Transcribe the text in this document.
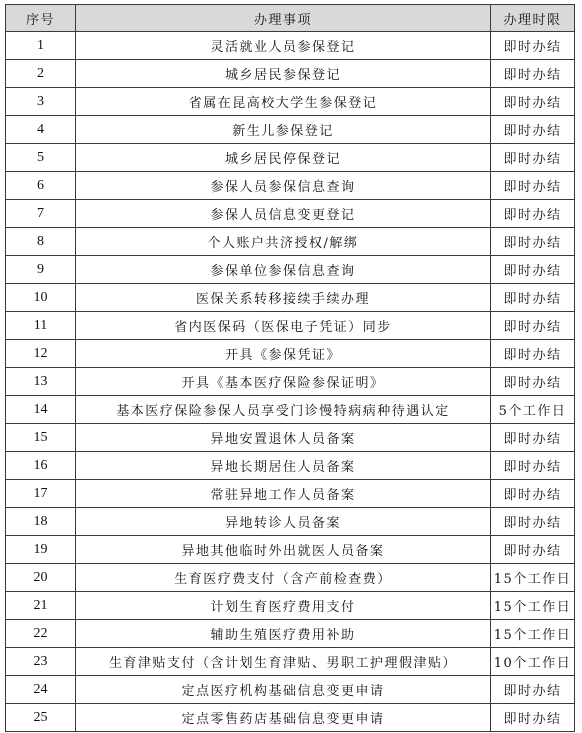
序号	办理事项	办理时限
1	灵活就业人员参保登记	即时办结
2	城乡居民参保登记	即时办结
3	省属在昆高校大学生参保登记	即时办结
4	新生儿参保登记	即时办结
5	城乡居民停保登记	即时办结
6	参保人员参保信息查询	即时办结
7	参保人员信息变更登记	即时办结
8	个人账户共济授权/解绑	即时办结
9	参保单位参保信息查询	即时办结
10	医保关系转移接续手续办理	即时办结
11	省内医保码（医保电子凭证）同步	即时办结
12	开具《参保凭证》	即时办结
13	开具《基本医疗保险参保证明》	即时办结
14	基本医疗保险参保人员享受门诊慢特病病种待遇认定	5个工作日
15	异地安置退休人员备案	即时办结
16	异地长期居住人员备案	即时办结
17	常驻异地工作人员备案	即时办结
18	异地转诊人员备案	即时办结
19	异地其他临时外出就医人员备案	即时办结
20	生育医疗费支付（含产前检查费）	15个工作日
21	计划生育医疗费用支付	15个工作日
22	辅助生殖医疗费用补助	15个工作日
23	生育津贴支付（含计划生育津贴、男职工护理假津贴）	10个工作日
24	定点医疗机构基础信息变更申请	即时办结
25	定点零售药店基础信息变更申请	即时办结
